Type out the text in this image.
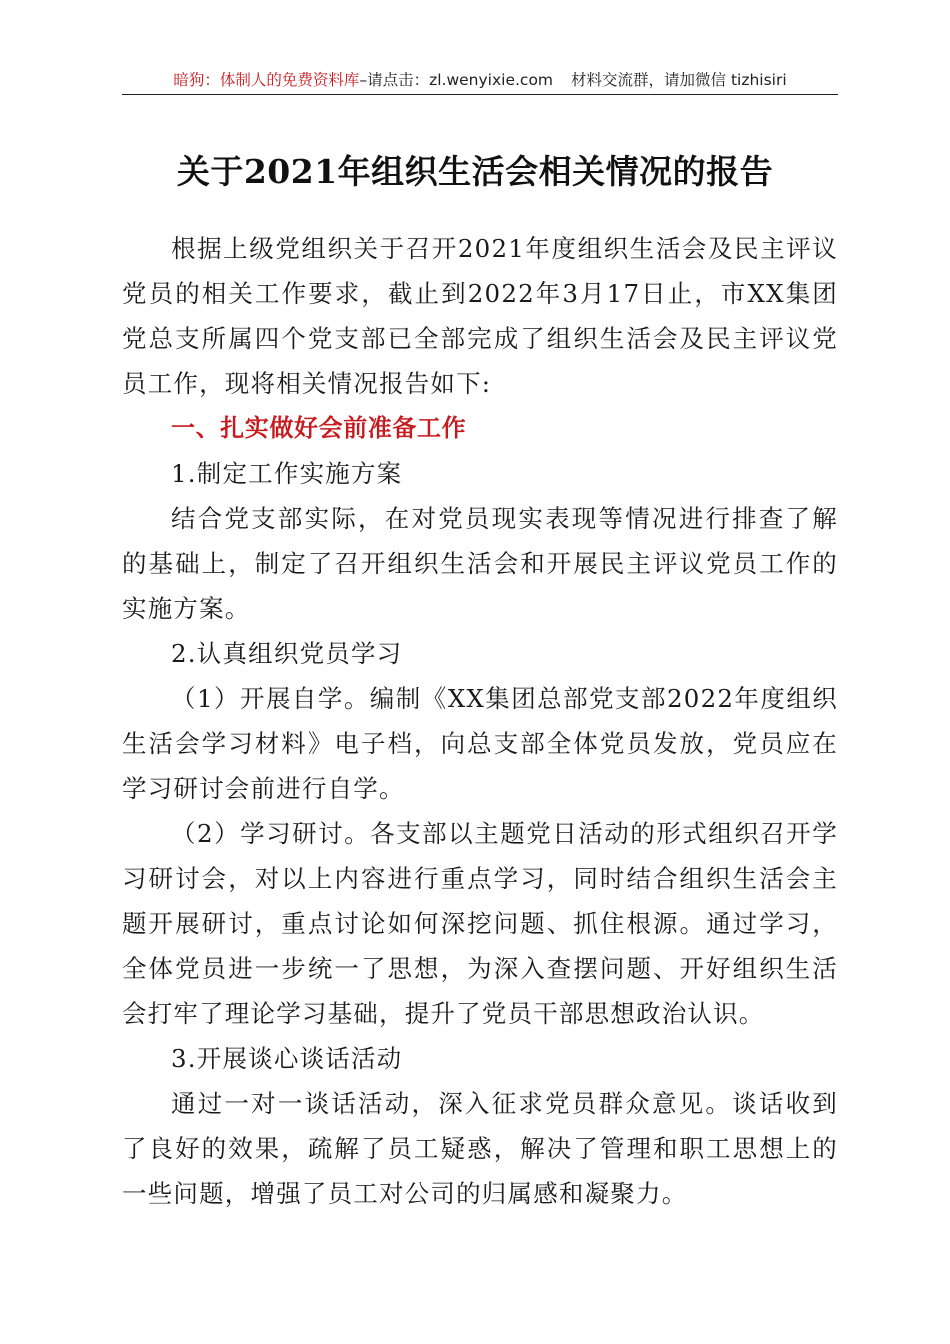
暗狗：体制人的免费资料库–请点击：zl.wenyixie.com 材料交流群，请加微信 tizhisiri
关于2021年组织生活会相关情况的报告

根据上级党组织关于召开2021年度组织生活会及民主评议党员的相关工作要求，截止到2022年3月17日止，市XX集团党总支所属四个党支部已全部完成了组织生活会及民主评议党员工作，现将相关情况报告如下:

一、扎实做好会前准备工作

1.制定工作实施方案

结合党支部实际，在对党员现实表现等情况进行排查了解的基础上，制定了召开组织生活会和开展民主评议党员工作的实施方案。

2.认真组织党员学习

（1）开展自学。编制《XX集团总部党支部2022年度组织生活会学习材料》电子档，向总支部全体党员发放，党员应在学习研讨会前进行自学。

（2）学习研讨。各支部以主题党日活动的形式组织召开学习研讨会，对以上内容进行重点学习，同时结合组织生活会主题开展研讨，重点讨论如何深挖问题、抓住根源。通过学习，全体党员进一步统一了思想，为深入查摆问题、开好组织生活会打牢了理论学习基础，提升了党员干部思想政治认识。

3.开展谈心谈话活动

通过一对一谈话活动，深入征求党员群众意见。谈话收到了良好的效果，疏解了员工疑惑，解决了管理和职工思想上的一些问题，增强了员工对公司的归属感和凝聚力。
